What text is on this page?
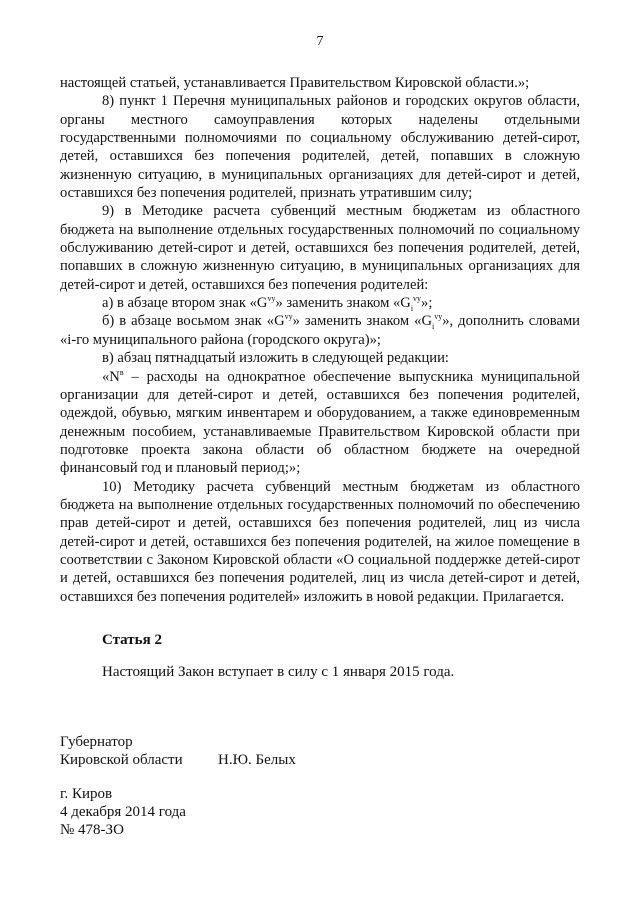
7

настоящей статьей, устанавливается Правительством Кировской области.»;

8) пункт 1 Перечня муниципальных районов и городских округов области, органы местного самоуправления которых наделены отдельными государственными полномочиями по социальному обслуживанию детей-сирот, детей, оставшихся без попечения родителей, детей, попавших в сложную жизненную ситуацию, в муниципальных организациях для детей-сирот и детей, оставшихся без попечения родителей, признать утратившим силу;

9) в Методике расчета субвенций местным бюджетам из областного бюджета на выполнение отдельных государственных полномочий по социальному обслуживанию детей-сирот и детей, оставшихся без попечения родителей, детей, попавших в сложную жизненную ситуацию, в муниципальных организациях для детей-сирот и детей, оставшихся без попечения родителей:

а) в абзаце втором знак «$G^{vy}$» заменить знаком «$G_i^{vy}$»;

б) в абзаце восьмом знак «$G^{vy}$» заменить знаком «$G_i^{vy}$», дополнить словами «i-го муниципального района (городского округа)»;

в) абзац пятнадцатый изложить в следующей редакции:

«$N^в$ – расходы на однократное обеспечение выпускника муниципальной организации для детей-сирот и детей, оставшихся без попечения родителей, одеждой, обувью, мягким инвентарем и оборудованием, а также единовременным денежным пособием, устанавливаемые Правительством Кировской области при подготовке проекта закона области об областном бюджете на очередной финансовый год и плановый период;»;

10) Методику расчета субвенций местным бюджетам из областного бюджета на выполнение отдельных государственных полномочий по обеспечению прав детей-сирот и детей, оставшихся без попечения родителей, лиц из числа детей-сирот и детей, оставшихся без попечения родителей, на жилое помещение в соответствии с Законом Кировской области «О социальной поддержке детей-сирот и детей, оставшихся без попечения родителей, лиц из числа детей-сирот и детей, оставшихся без попечения родителей» изложить в новой редакции. Прилагается.

Статья 2
Настоящий Закон вступает в силу с 1 января 2015 года.
Губернатор
Кировской области Н.Ю. Белых
г. Киров
4 декабря 2014 года
№ 478-ЗО
